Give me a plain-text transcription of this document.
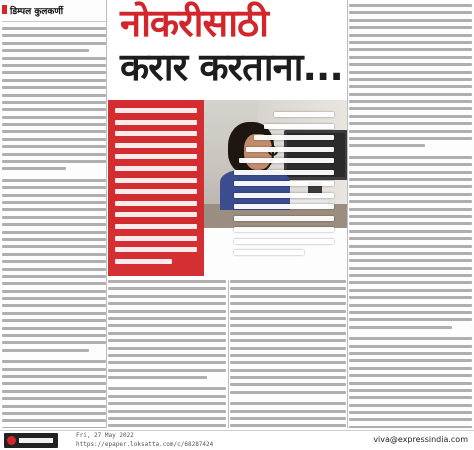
डिम्पल कुलकर्णी	नोकरीसाठी
करार करताना...
Fri, 27 May 2022
https://epaper.loksatta.com/c/68287424
viva@expressindia.com
